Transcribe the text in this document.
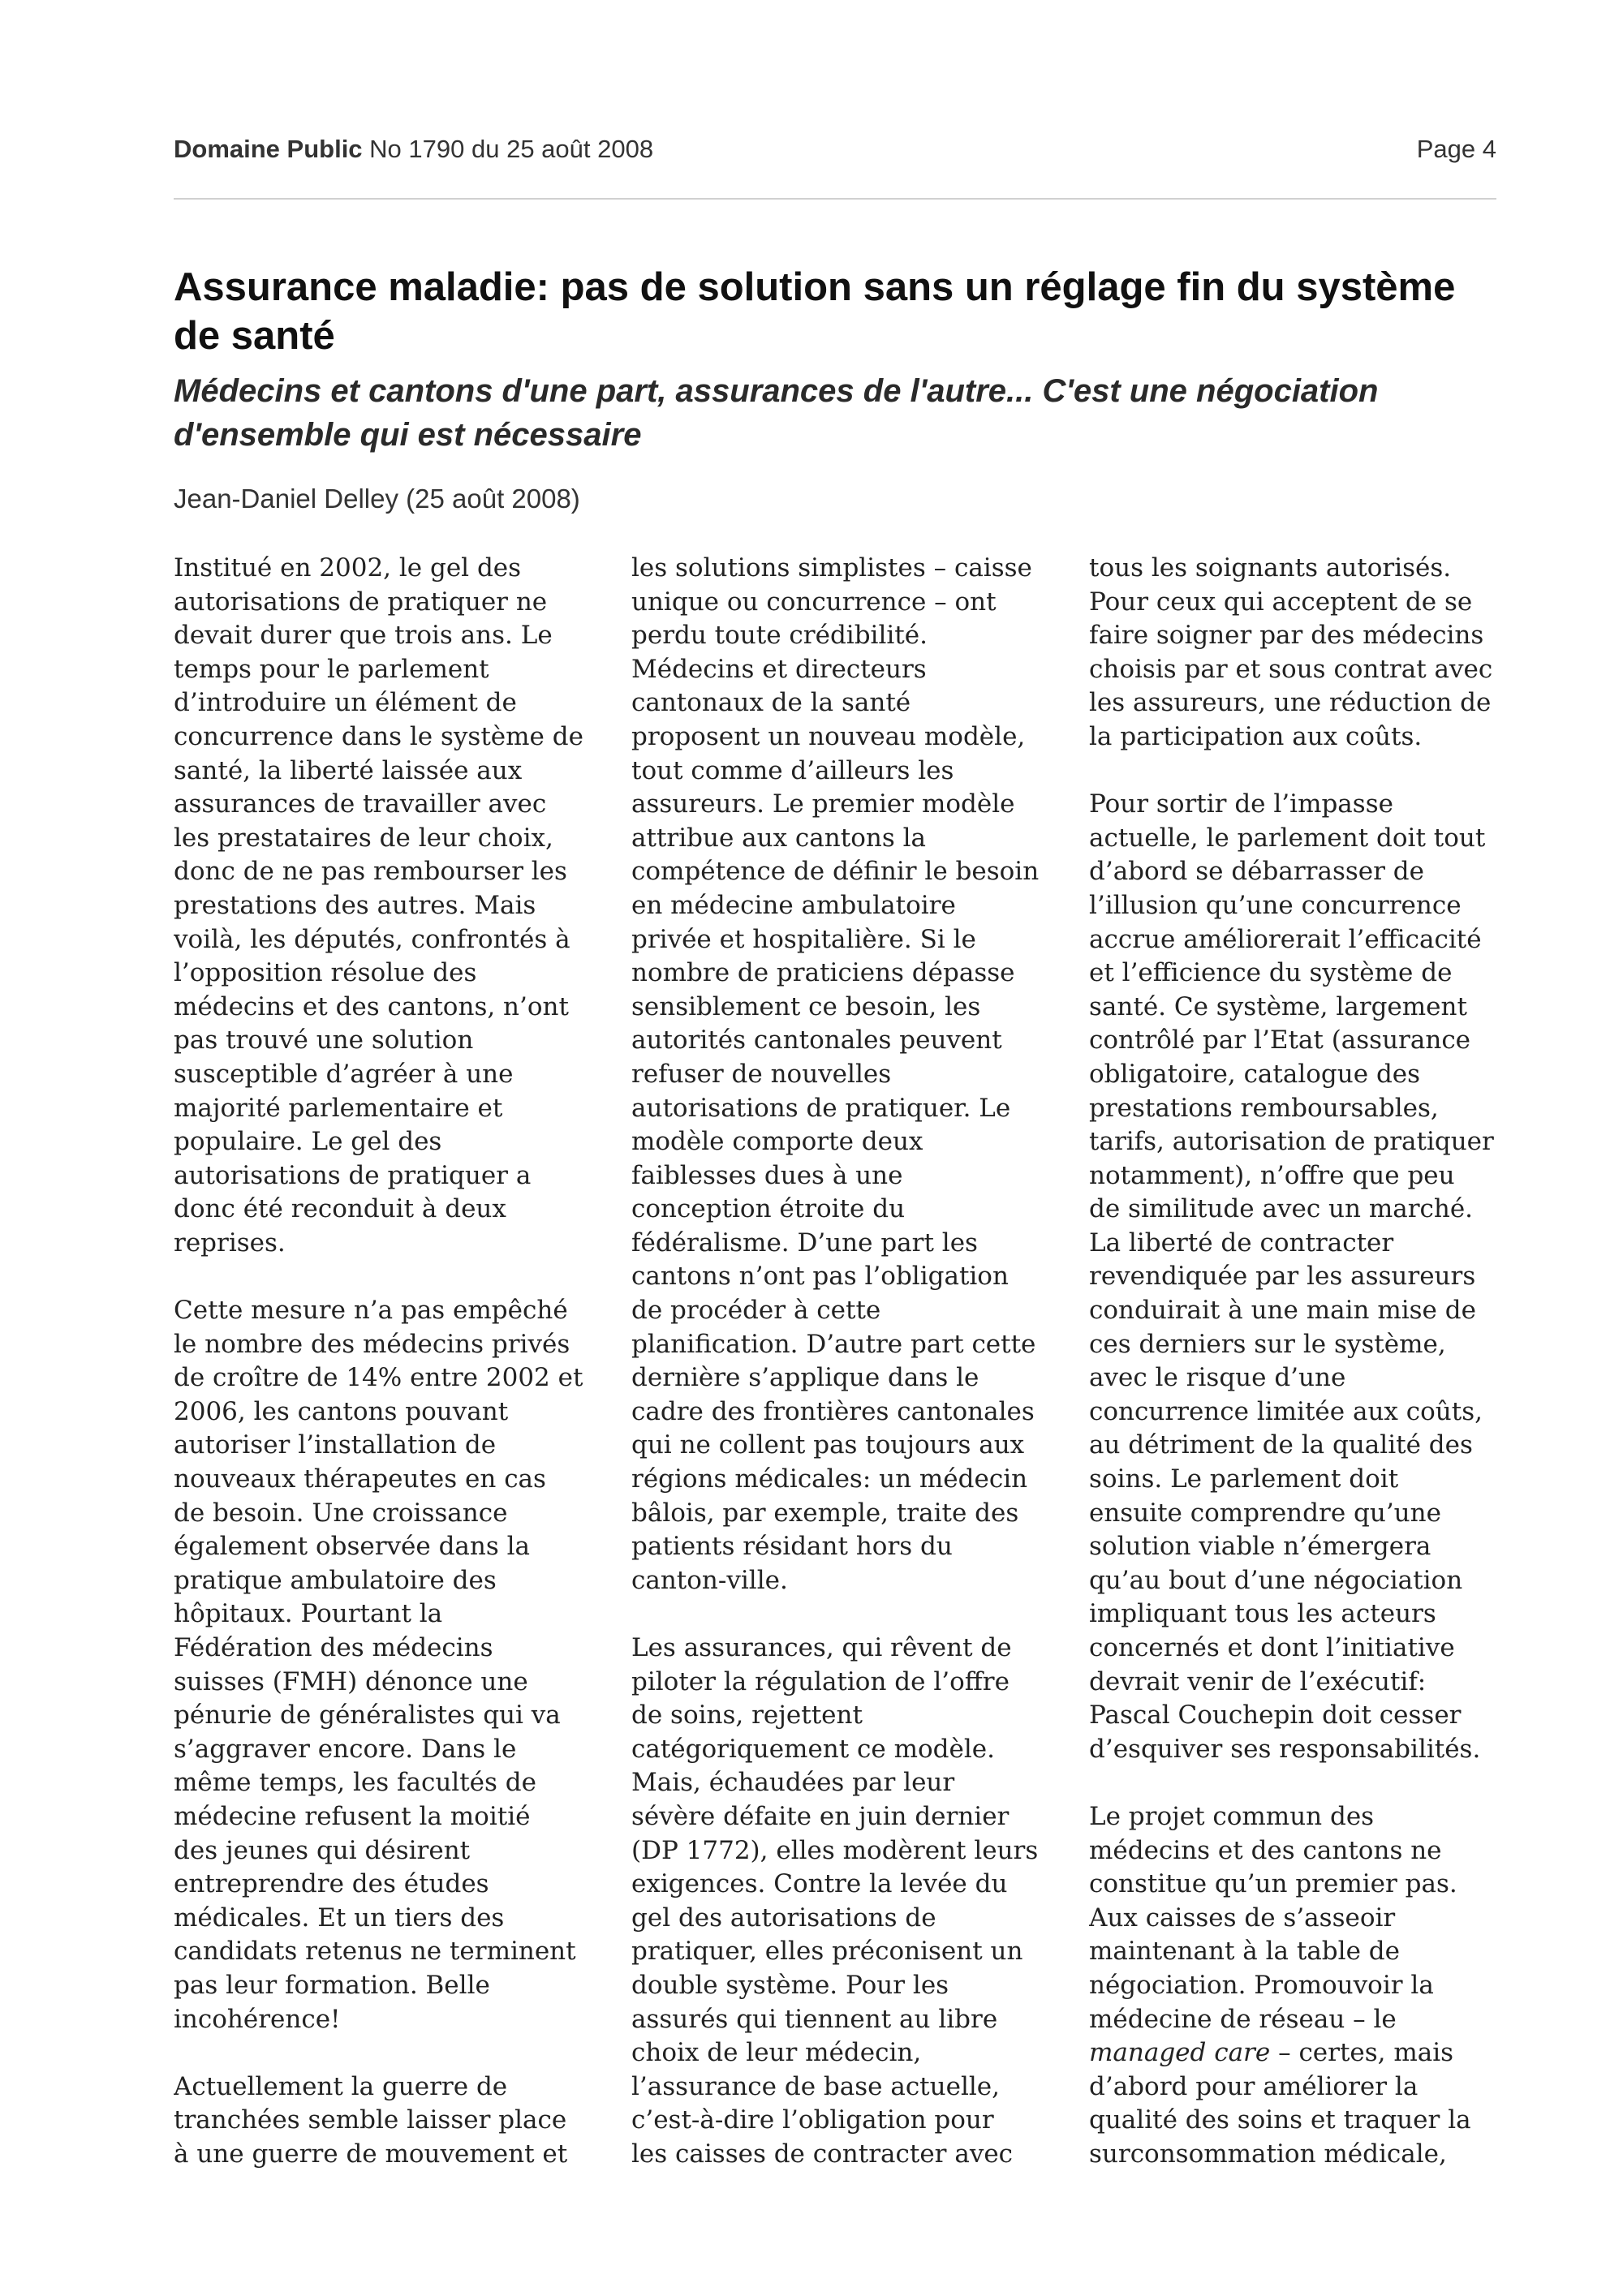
Domaine Public No 1790 du 25 août 2008	Page 4
Assurance maladie: pas de solution sans un réglage fin du système de santé
Médecins et cantons d'une part, assurances de l'autre... C'est une négociation d'ensemble qui est nécessaire
Jean-Daniel Delley (25 août 2008)

Institué en 2002, le gel des
autorisations de pratiquer ne
devait durer que trois ans. Le
temps pour le parlement
d’introduire un élément de
concurrence dans le système de
santé, la liberté laissée aux
assurances de travailler avec
les prestataires de leur choix,
donc de ne pas rembourser les
prestations des autres. Mais
voilà, les députés, confrontés à
l’opposition résolue des
médecins et des cantons, n’ont
pas trouvé une solution
susceptible d’agréer à une
majorité parlementaire et
populaire. Le gel des
autorisations de pratiquer a
donc été reconduit à deux
reprises.

Cette mesure n’a pas empêché
le nombre des médecins privés
de croître de 14% entre 2002 et
2006, les cantons pouvant
autoriser l’installation de
nouveaux thérapeutes en cas
de besoin. Une croissance
également observée dans la
pratique ambulatoire des
hôpitaux. Pourtant la
Fédération des médecins
suisses (FMH) dénonce une
pénurie de généralistes qui va
s’aggraver encore. Dans le
même temps, les facultés de
médecine refusent la moitié
des jeunes qui désirent
entreprendre des études
médicales. Et un tiers des
candidats retenus ne terminent
pas leur formation. Belle
incohérence!

Actuellement la guerre de
tranchées semble laisser place
à une guerre de mouvement et

les solutions simplistes – caisse
unique ou concurrence – ont
perdu toute crédibilité.
Médecins et directeurs
cantonaux de la santé
proposent un nouveau modèle,
tout comme d’ailleurs les
assureurs. Le premier modèle
attribue aux cantons la
compétence de définir le besoin
en médecine ambulatoire
privée et hospitalière. Si le
nombre de praticiens dépasse
sensiblement ce besoin, les
autorités cantonales peuvent
refuser de nouvelles
autorisations de pratiquer. Le
modèle comporte deux
faiblesses dues à une
conception étroite du
fédéralisme. D’une part les
cantons n’ont pas l’obligation
de procéder à cette
planification. D’autre part cette
dernière s’applique dans le
cadre des frontières cantonales
qui ne collent pas toujours aux
régions médicales: un médecin
bâlois, par exemple, traite des
patients résidant hors du
canton-ville.

Les assurances, qui rêvent de
piloter la régulation de l’offre
de soins, rejettent
catégoriquement ce modèle.
Mais, échaudées par leur
sévère défaite en juin dernier
(DP 1772), elles modèrent leurs
exigences. Contre la levée du
gel des autorisations de
pratiquer, elles préconisent un
double système. Pour les
assurés qui tiennent au libre
choix de leur médecin,
l’assurance de base actuelle,
c’est-à-dire l’obligation pour
les caisses de contracter avec

tous les soignants autorisés.
Pour ceux qui acceptent de se
faire soigner par des médecins
choisis par et sous contrat avec
les assureurs, une réduction de
la participation aux coûts.

Pour sortir de l’impasse
actuelle, le parlement doit tout
d’abord se débarrasser de
l’illusion qu’une concurrence
accrue améliorerait l’efficacité
et l’efficience du système de
santé. Ce système, largement
contrôlé par l’Etat (assurance
obligatoire, catalogue des
prestations remboursables,
tarifs, autorisation de pratiquer
notamment), n’offre que peu
de similitude avec un marché.
La liberté de contracter
revendiquée par les assureurs
conduirait à une main mise de
ces derniers sur le système,
avec le risque d’une
concurrence limitée aux coûts,
au détriment de la qualité des
soins. Le parlement doit
ensuite comprendre qu’une
solution viable n’émergera
qu’au bout d’une négociation
impliquant tous les acteurs
concernés et dont l’initiative
devrait venir de l’exécutif:
Pascal Couchepin doit cesser
d’esquiver ses responsabilités.

Le projet commun des
médecins et des cantons ne
constitue qu’un premier pas.
Aux caisses de s’asseoir
maintenant à la table de
négociation. Promouvoir la
médecine de réseau – le
managed care – certes, mais
d’abord pour améliorer la
qualité des soins et traquer la
surconsommation médicale,
